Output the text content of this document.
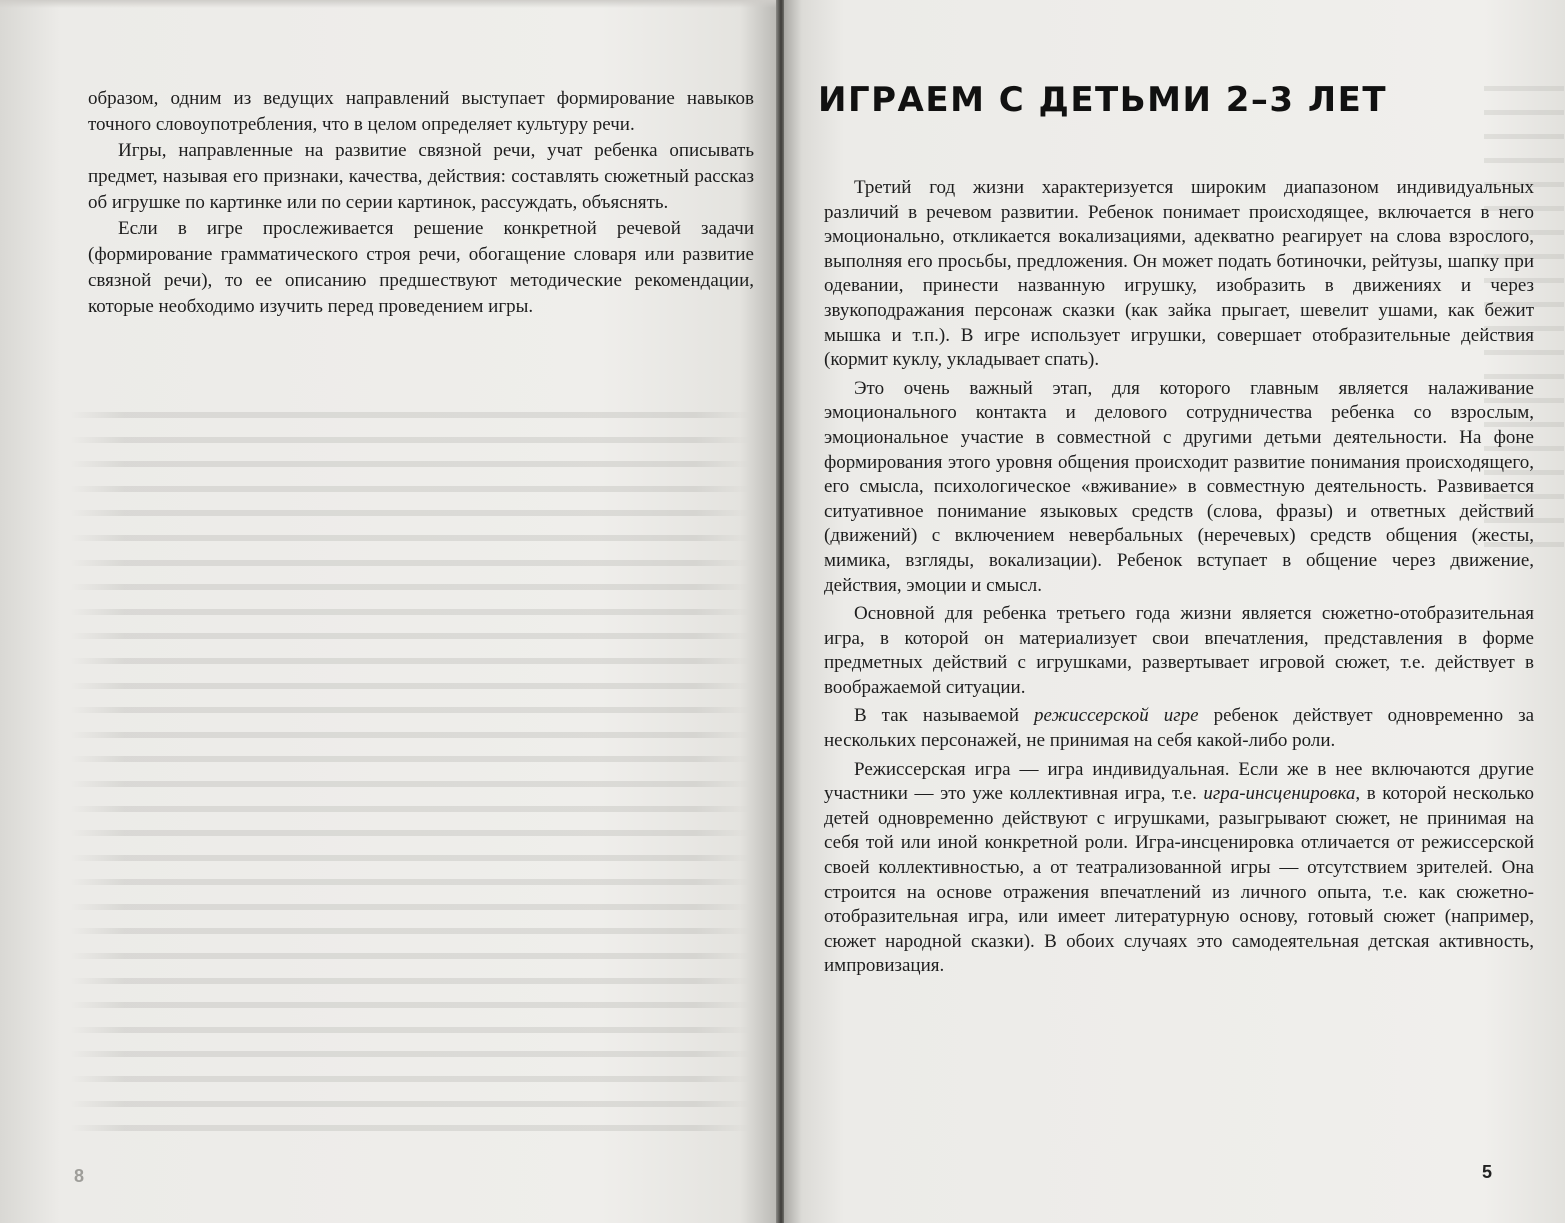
образом, одним из ведущих направлений выступает формирование навыков точного словоупотребления, что в целом определяет культуру речи.

Игры, направленные на развитие связной речи, учат ребенка описывать предмет, называя его признаки, качества, действия: составлять сюжетный рассказ об игрушке по картинке или по серии картинок, рассуждать, объяснять.

Если в игре прослеживается решение конкретной речевой задачи (формирование грамматического строя речи, обогащение словаря или развитие связной речи), то ее описанию предшествуют методические рекомендации, которые необходимо изучить перед проведением игры.

8
ИГРАЕМ С ДЕТЬМИ 2–3 ЛЕТ

Третий год жизни характеризуется широким диапазоном индивидуальных различий в речевом развитии. Ребенок понимает происходящее, включается в него эмоционально, откликается вокализациями, адекватно реагирует на слова взрослого, выполняя его просьбы, предложения. Он может подать ботиночки, рейтузы, шапку при одевании, принести названную игрушку, изобразить в движениях и через звукоподражания персонаж сказки (как зайка прыгает, шевелит ушами, как бежит мышка и т.п.). В игре использует игрушки, совершает отобразительные действия (кормит куклу, укладывает спать).

Это очень важный этап, для которого главным является налаживание эмоционального контакта и делового сотрудничества ребенка со взрослым, эмоциональное участие в совместной с другими детьми деятельности. На фоне формирования этого уровня общения происходит развитие понимания происходящего, его смысла, психологическое «вживание» в совместную деятельность. Развивается ситуативное понимание языковых средств (слова, фразы) и ответных действий (движений) с включением невербальных (неречевых) средств общения (жесты, мимика, взгляды, вокализации). Ребенок вступает в общение через движение, действия, эмоции и смысл.

Основной для ребенка третьего года жизни является сюжетно-отобразительная игра, в которой он материализует свои впечатления, представления в форме предметных действий с игрушками, развертывает игровой сюжет, т.е. действует в воображаемой ситуации.

В так называемой режиссерской игре ребенок действует одновременно за нескольких персонажей, не принимая на себя какой-либо роли.

Режиссерская игра — игра индивидуальная. Если же в нее включаются другие участники — это уже коллективная игра, т.е. игра-инсценировка, в которой несколько детей одновременно действуют с игрушками, разыгрывают сюжет, не принимая на себя той или иной конкретной роли. Игра-инсценировка отличается от режиссерской своей коллективностью, а от театрализованной игры — отсутствием зрителей. Она строится на основе отражения впечатлений из личного опыта, т.е. как сюжетно-отобразительная игра, или имеет литературную основу, готовый сюжет (например, сюжет народной сказки). В обоих случаях это самодеятельная детская активность, импровизация.

5
